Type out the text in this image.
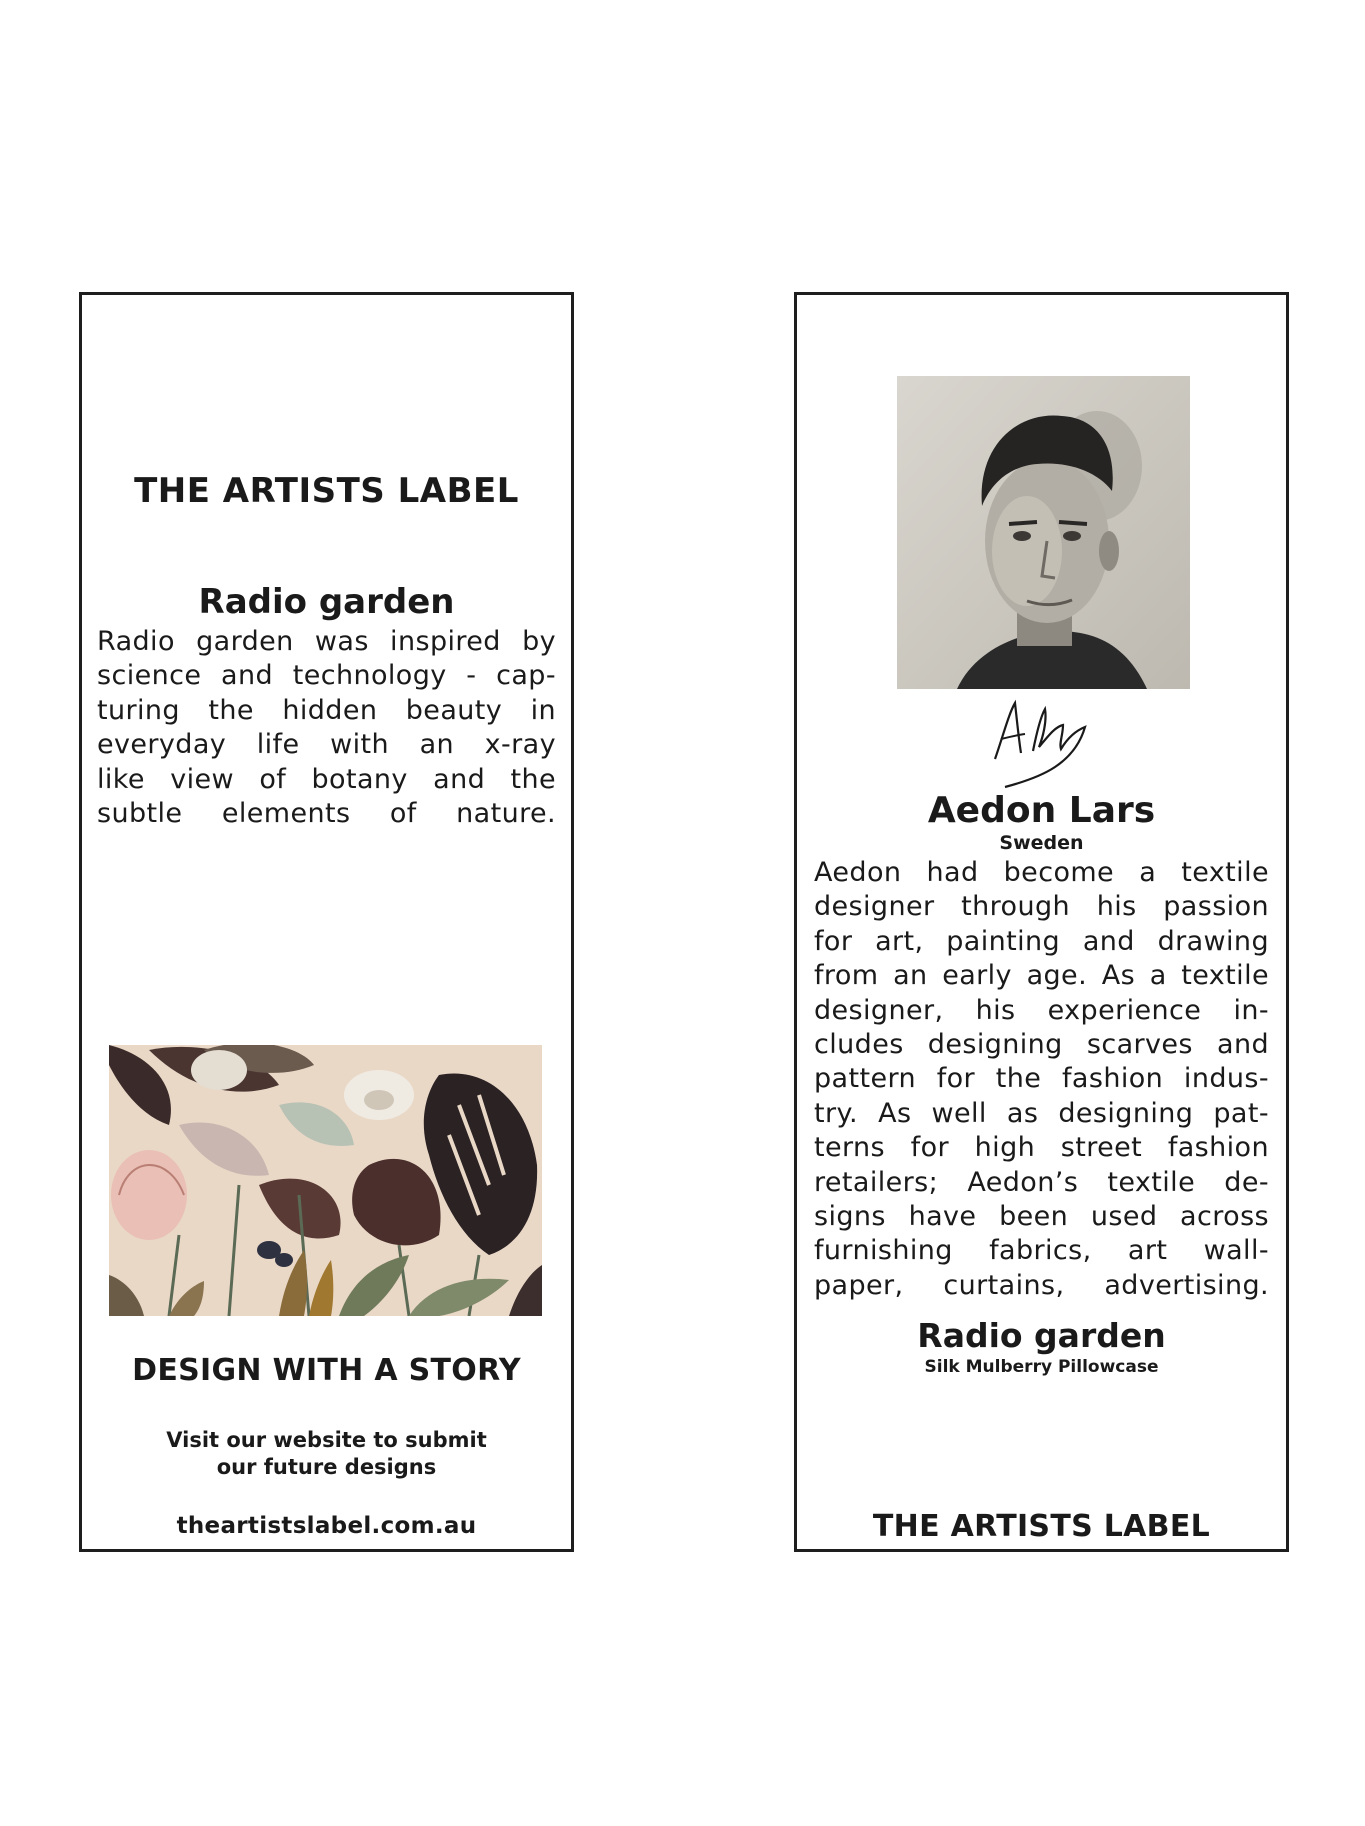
THE ARTISTS LABEL
Radio garden
Radio garden was inspired by
science and technology - cap-
turing the hidden beauty in
everyday life with an x-ray
like view of botany and the
subtle elements of nature.
DESIGN WITH A STORY
Visit our website to submit
our future designs
theartistslabel.com.au
Aedon Lars
Sweden
Aedon had become a textile
designer through his passion
for art, painting and drawing
from an early age. As a textile
designer, his experience in-
cludes designing scarves and
pattern for the fashion indus-
try. As well as designing pat-
terns for high street fashion
retailers; Aedon’s textile de-
signs have been used across
furnishing fabrics, art wall-
paper, curtains, advertising.
Radio garden
Silk Mulberry Pillowcase
THE ARTISTS LABEL
